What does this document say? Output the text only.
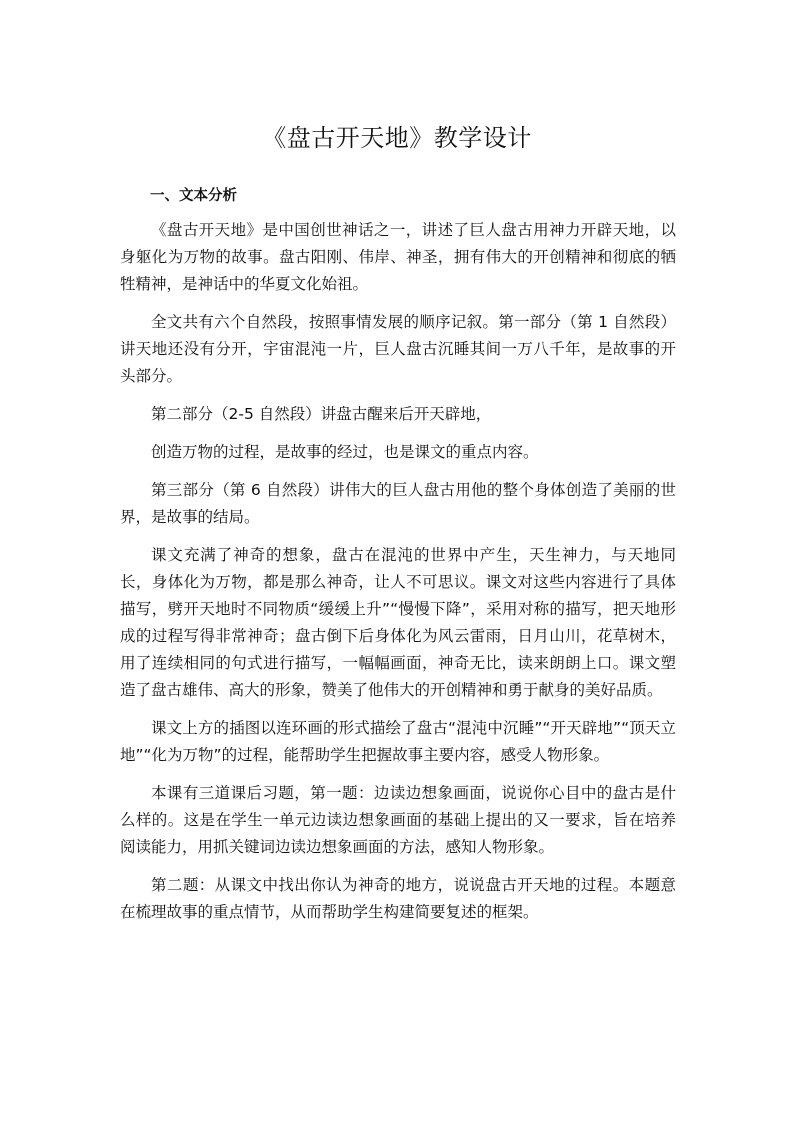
《盘古开天地》教学设计
一、文本分析

《盘古开天地》是中国创世神话之一，讲述了巨人盘古用神力开辟天地，以身躯化为万物的故事。盘古阳刚、伟岸、神圣，拥有伟大的开创精神和彻底的牺牲精神，是神话中的华夏文化始祖。

全文共有六个自然段，按照事情发展的顺序记叙。第一部分（第 1 自然段）讲天地还没有分开，宇宙混沌一片，巨人盘古沉睡其间一万八千年，是故事的开头部分。

第二部分（2-5 自然段）讲盘古醒来后开天辟地，

创造万物的过程，是故事的经过，也是课文的重点内容。

第三部分（第 6 自然段）讲伟大的巨人盘古用他的整个身体创造了美丽的世界，是故事的结局。

课文充满了神奇的想象，盘古在混沌的世界中产生，天生神力，与天地同长，身体化为万物，都是那么神奇，让人不可思议。课文对这些内容进行了具体描写，劈开天地时不同物质“缓缓上升”“慢慢下降”，采用对称的描写，把天地形成的过程写得非常神奇；盘古倒下后身体化为风云雷雨，日月山川，花草树木，用了连续相同的句式进行描写，一幅幅画面，神奇无比，读来朗朗上口。课文塑造了盘古雄伟、高大的形象，赞美了他伟大的开创精神和勇于献身的美好品质。

课文上方的插图以连环画的形式描绘了盘古“混沌中沉睡”“开天辟地”“顶天立地”“化为万物”的过程，能帮助学生把握故事主要内容，感受人物形象。

本课有三道课后习题，第一题：边读边想象画面，说说你心目中的盘古是什么样的。这是在学生一单元边读边想象画面的基础上提出的又一要求，旨在培养阅读能力，用抓关键词边读边想象画面的方法，感知人物形象。

第二题：从课文中找出你认为神奇的地方，说说盘古开天地的过程。本题意在梳理故事的重点情节，从而帮助学生构建简要复述的框架。
